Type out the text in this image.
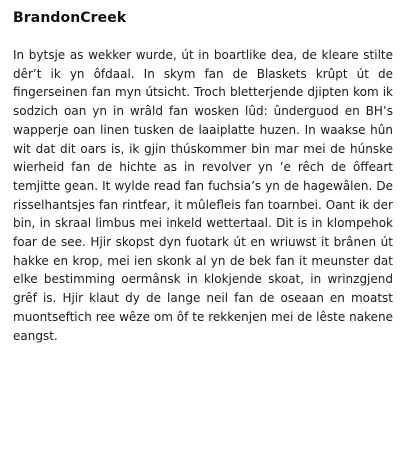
BrandonCreek

In bytsje as wekker wurde, út in boartlike dea, de kleare stilte dêr’t ik yn ôfdaal. In skym fan de Blaskets krûpt út de fingerseinen fan myn útsicht. Troch bletterjende djipten kom ik sodzich oan yn in wrâld fan wosken lûd: ûnderguod en BH’s wapperje oan linen tusken de laaiplatte huzen. In waakse hûn wit dat dit oars is, ik gjin thúskommer bin mar mei de húnske wierheid fan de hichte as in revolver yn ’e rêch de ôffeart temjitte gean. It wylde read fan fuchsia’s yn de hagewâlen. De risselhantsjes fan rintfear, it mûlefleis fan toarnbei. Oant ik der bin, in skraal limbus mei inkeld wettertaal. Dit is in klompehok foar de see. Hjir skopst dyn fuotark út en wriuwst it brânen út hakke en krop, mei ien skonk al yn de bek fan it meunster dat elke bestimming oermânsk in klokjende skoat, in wrinzgjend grêf is. Hjir klaut dy de lange neil fan de oseaan en moatst muontseftich ree wêze om ôf te rekkenjen mei de lêste nakene eangst.
